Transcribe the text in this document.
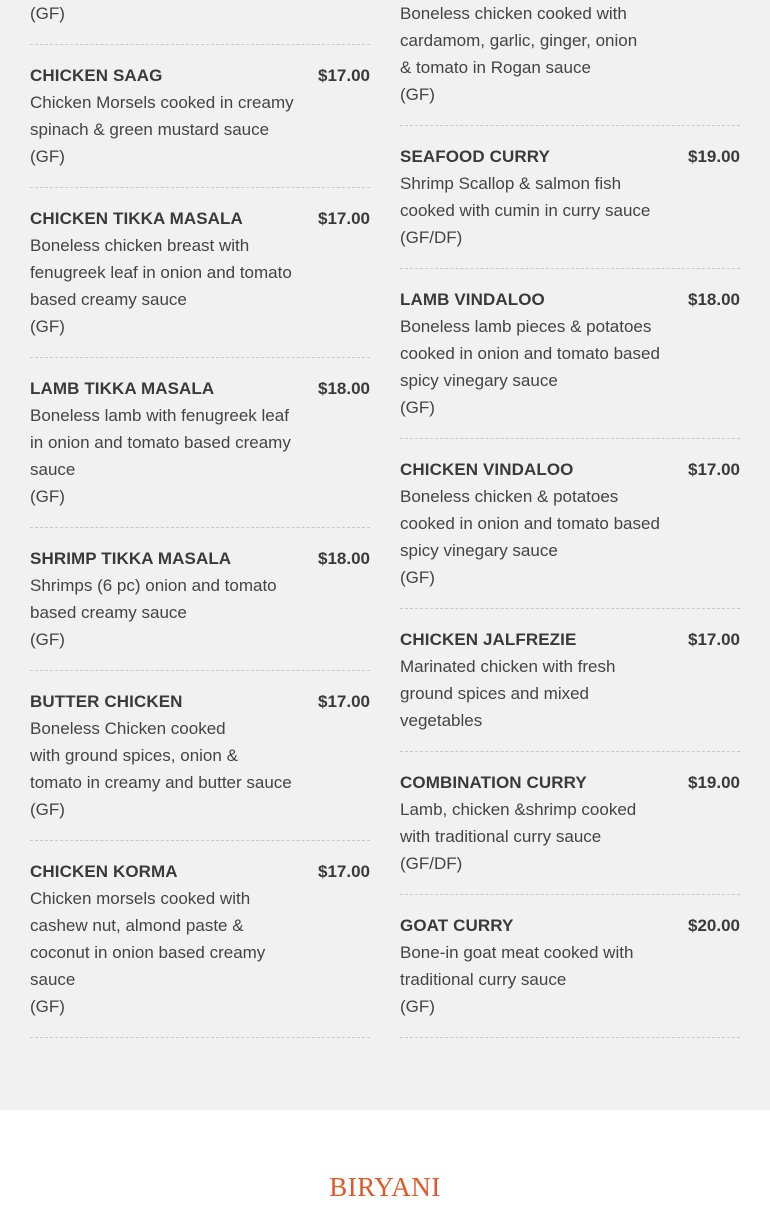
(GF)
CHICKEN SAAG	$17.00
Chicken Morsels cooked in creamy
spinach & green mustard sauce
(GF)
CHICKEN TIKKA MASALA	$17.00
Boneless chicken breast with
fenugreek leaf in onion and tomato
based creamy sauce
(GF)
LAMB TIKKA MASALA	$18.00
Boneless lamb with fenugreek leaf
in onion and tomato based creamy
sauce
(GF)
SHRIMP TIKKA MASALA	$18.00
Shrimps (6 pc) onion and tomato
based creamy sauce
(GF)
BUTTER CHICKEN	$17.00
Boneless Chicken cooked
with ground spices, onion &
tomato in creamy and butter sauce
(GF)
CHICKEN KORMA	$17.00
Chicken morsels cooked with
cashew nut, almond paste &
coconut in onion based creamy
sauce
(GF)
Boneless chicken cooked with
cardamom, garlic, ginger, onion
& tomato in Rogan sauce
(GF)
SEAFOOD CURRY	$19.00
Shrimp Scallop & salmon fish
cooked with cumin in curry sauce
(GF/DF)
LAMB VINDALOO	$18.00
Boneless lamb pieces & potatoes
cooked in onion and tomato based
spicy vinegary sauce
(GF)
CHICKEN VINDALOO	$17.00
Boneless chicken & potatoes
cooked in onion and tomato based
spicy vinegary sauce
(GF)
CHICKEN JALFREZIE	$17.00
Marinated chicken with fresh
ground spices and mixed
vegetables
COMBINATION CURRY	$19.00
Lamb, chicken &shrimp cooked
with traditional curry sauce
(GF/DF)
GOAT CURRY	$20.00
Bone-in goat meat cooked with
traditional curry sauce
(GF)
BIRYANI
